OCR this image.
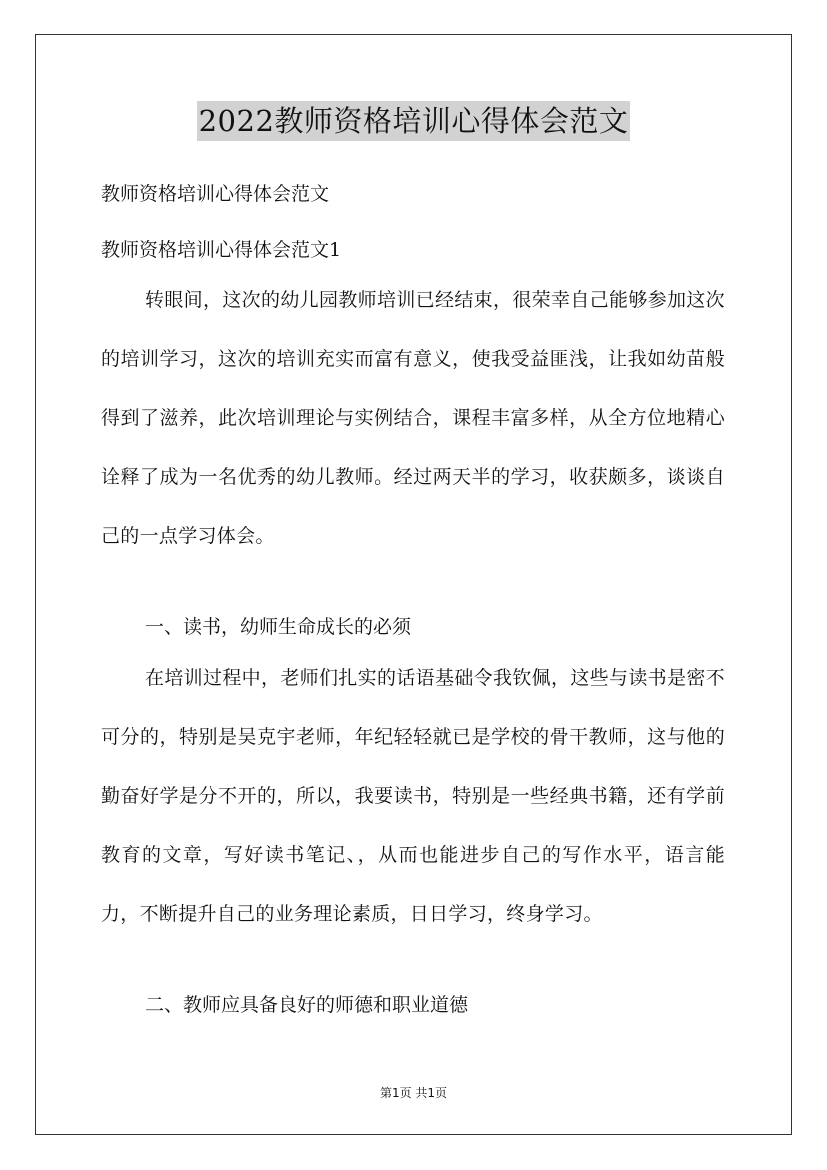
2022教师资格培训心得体会范文
教师资格培训心得体会范文
教师资格培训心得体会范文1
转眼间，这次的幼儿园教师培训已经结束，很荣幸自己能够参加这次的培训学习，这次的培训充实而富有意义，使我受益匪浅，让我如幼苗般得到了滋养，此次培训理论与实例结合，课程丰富多样，从全方位地精心诠释了成为一名优秀的幼儿教师。经过两天半的学习，收获颇多，谈谈自己的一点学习体会。
一、读书，幼师生命成长的必须
在培训过程中，老师们扎实的话语基础令我钦佩，这些与读书是密不可分的，特别是吴克宇老师，年纪轻轻就已是学校的骨干教师，这与他的勤奋好学是分不开的，所以，我要读书，特别是一些经典书籍，还有学前教育的文章，写好读书笔记、，从而也能进步自己的写作水平，语言能力，不断提升自己的业务理论素质，日日学习，终身学习。
二、教师应具备良好的师德和职业道德
第1页 共1页
